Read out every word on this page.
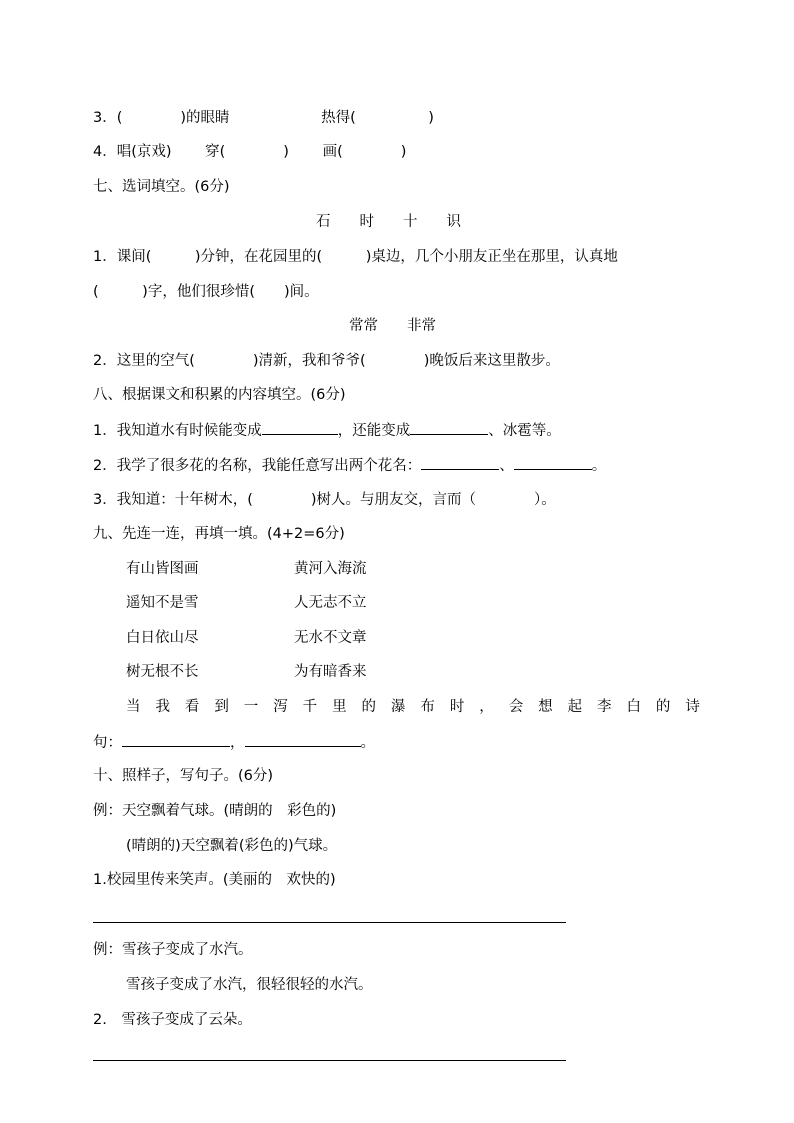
3．(　　　　)的眼睛　　　　　　 热得(　　　　　)
4．唱(京戏)　　 穿(　　　　)　　 画(　　　　)
七、选词填空。(6分)
石　　时　　十　　识
1．课间(　　　)分钟，在花园里的(　　　)桌边，几个小朋友正坐在那里，认真地
(　　　)字，他们很珍惜(　　)间。
常常　　非常
2．这里的空气(　　　　)清新，我和爷爷(　　　　)晚饭后来这里散步。
八、根据课文和积累的内容填空。(6分)
1．我知道水有时候能变成	，还能变成	、冰雹等。
2．我学了很多花的名称，我能任意写出两个花名：	、	。
3．我知道：十年树木，(　　　　)树人。与朋友交，言而（　　　　）。
九、先连一连，再填一填。(4+2=6分)
有山皆图画	黄河入海流
遥知不是雪	人无志不立
白日依山尽	无水不文章
树无根不长	为有暗香来
当 我 看 到 一 泻 千 里 的 瀑 布 时 ， 会 想 起 李 白 的 诗
句：	，	。
十、照样子，写句子。(6分)
例：天空飘着气球。(晴朗的　彩色的)
(晴朗的)天空飘着(彩色的)气球。
1.校园里传来笑声。(美丽的　欢快的)
例：雪孩子变成了水汽。
雪孩子变成了水汽，很轻很轻的水汽。
2.　雪孩子变成了云朵。
